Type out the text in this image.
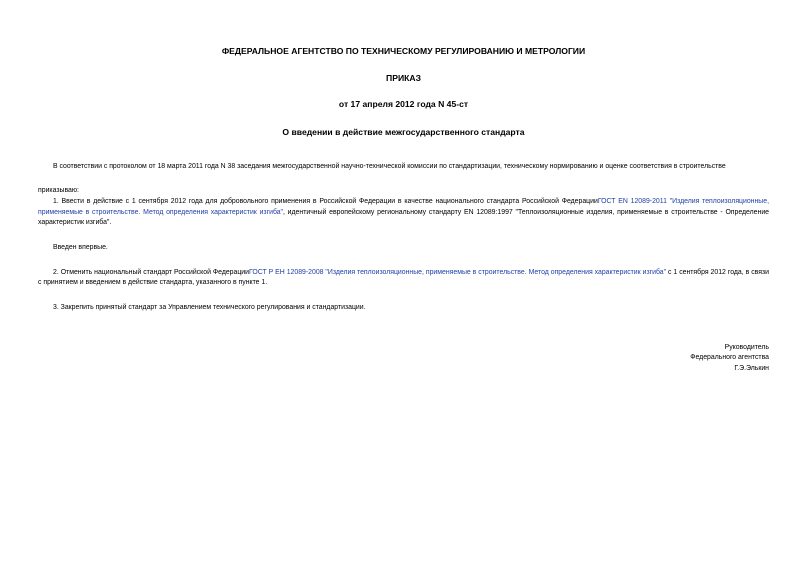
ФЕДЕРАЛЬНОЕ АГЕНТСТВО ПО ТЕХНИЧЕСКОМУ РЕГУЛИРОВАНИЮ И МЕТРОЛОГИИ
ПРИКАЗ
от 17 апреля 2012 года N 45-ст
О введении в действие межгосударственного стандарта

В соответствии с протоколом от 18 марта 2011 года N 38 заседания межгосударственной научно-технической комиссии по стандартизации, техническому нормированию и оценке соответствия в строительстве

приказываю:

1. Ввести в действие с 1 сентября 2012 года для добровольного применения в Российской Федерации в качестве национального стандарта Российской ФедерацииГОСТ EN 12089-2011 "Изделия теплоизоляционные, применяемые в строительстве. Метод определения характеристик изгиба", идентичный европейскому региональному стандарту EN 12089:1997 "Теплоизоляционные изделия, применяемые в строительстве - Определение характеристик изгиба".

Введен впервые.

2. Отменить национальный стандарт Российской ФедерацииГОСТ Р ЕН 12089-2008 "Изделия теплоизоляционные, применяемые в строительстве. Метод определения характеристик изгиба" с 1 сентября 2012 года, в связи с принятием и введением в действие стандарта, указанного в пункте 1.

3. Закрепить принятый стандарт за Управлением технического регулирования и стандартизации.

Руководитель
Федерального агентства
Г.Э.Элькин
